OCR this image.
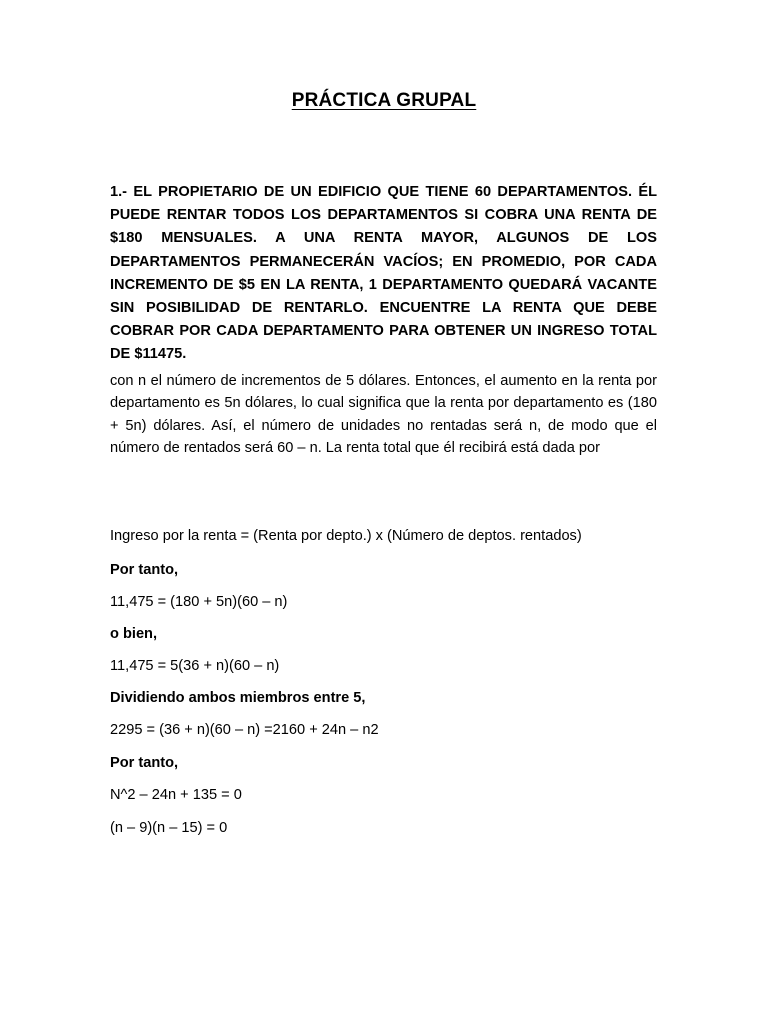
PRÁCTICA GRUPAL
1.- EL PROPIETARIO DE UN EDIFICIO QUE TIENE 60 DEPARTAMENTOS. ÉL PUEDE RENTAR TODOS LOS DEPARTAMENTOS SI COBRA UNA RENTA DE $180 MENSUALES. A UNA RENTA MAYOR, ALGUNOS DE LOS DEPARTAMENTOS PERMANECERÁN VACÍOS; EN PROMEDIO, POR CADA INCREMENTO DE $5 EN LA RENTA, 1 DEPARTAMENTO QUEDARÁ VACANTE SIN POSIBILIDAD DE RENTARLO. ENCUENTRE LA RENTA QUE DEBE COBRAR POR CADA DEPARTAMENTO PARA OBTENER UN INGRESO TOTAL DE $11475.
con n el número de incrementos de 5 dólares. Entonces, el aumento en la renta por departamento es 5n dólares, lo cual significa que la renta por departamento es (180 + 5n) dólares. Así, el número de unidades no rentadas será n, de modo que el número de rentados será 60 – n. La renta total que él recibirá está dada por
Ingreso por la renta = (Renta por depto.) x (Número de deptos. rentados)
Por tanto,
11,475 = (180 + 5n)(60 – n)
o bien,
11,475 = 5(36 + n)(60 – n)
Dividiendo ambos miembros entre 5,
2295 = (36 + n)(60 – n) =2160 + 24n – n2
Por tanto,
N^2 – 24n + 135 = 0
(n – 9)(n – 15) = 0
